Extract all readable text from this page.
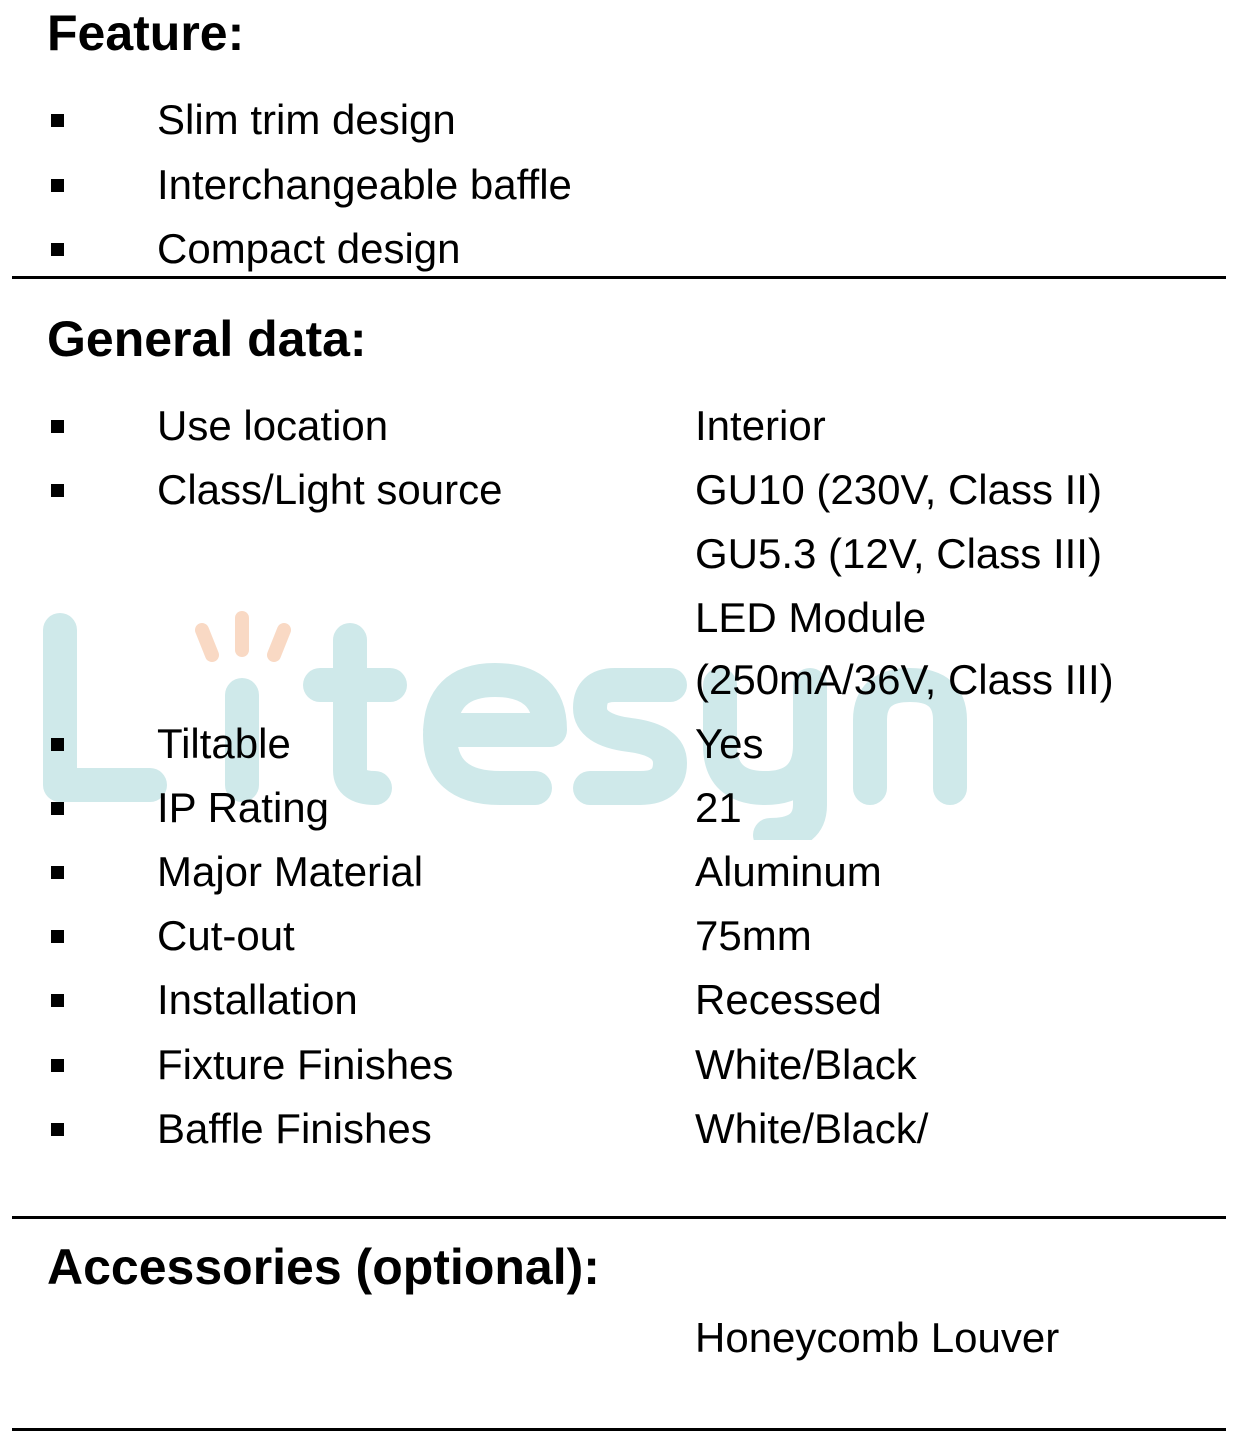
Feature:
Slim trim design
Interchangeable baffle
Compact design
General data:
Use location	Interior
Class/Light source	GU10 (230V, Class II)
GU5.3 (12V, Class III)
LED Module
(250mA/36V, Class III)
Tiltable	Yes
IP Rating	21
Major Material	Aluminum
Cut-out	75mm
Installation	Recessed
Fixture Finishes	White/Black
Baffle Finishes	White/Black/
Accessories (optional):
Honeycomb Louver
